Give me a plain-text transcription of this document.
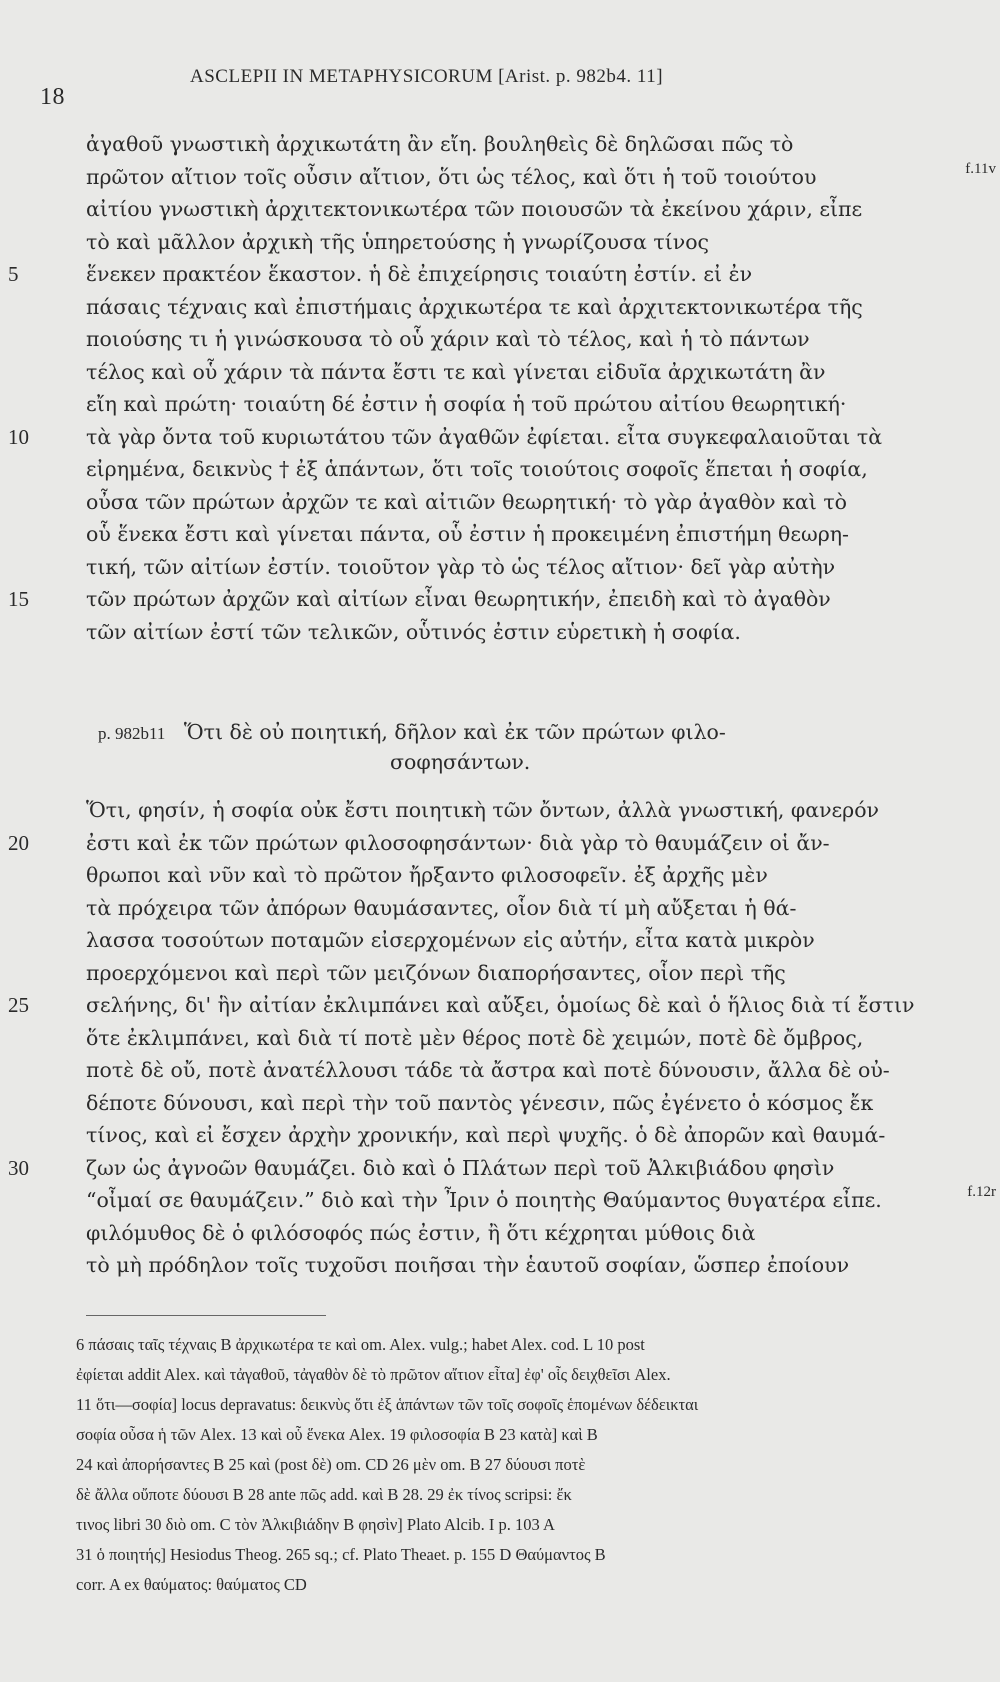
18
ASCLEPII IN METAPHYSICORUM [Arist. p. 982b4. 11]
ἀγαθοῦ γνωστικὴ ἀρχικωτάτη ἂν εἴη. βουληθεὶς δὲ δηλῶσαι πῶς τὸ
πρῶτον αἴτιον τοῖς οὖσιν αἴτιον, ὅτι ὡς τέλος, καὶ ὅτι ἡ τοῦ τοιούτου	f.11v
αἰτίου γνωστικὴ ἀρχιτεκτονικωτέρα τῶν ποιουσῶν τὰ ἐκείνου χάριν, εἶπε
τὸ καὶ μᾶλλον ἀρχικὴ τῆς ὑπηρετούσης ἡ γνωρίζουσα τίνος
5	ἕνεκεν πρακτέον ἕκαστον. ἡ δὲ ἐπιχείρησις τοιαύτη ἐστίν. εἰ ἐν
πάσαις τέχναις καὶ ἐπιστήμαις ἀρχικωτέρα τε καὶ ἀρχιτεκτονικωτέρα τῆς
ποιούσης τι ἡ γινώσκουσα τὸ οὗ χάριν καὶ τὸ τέλος, καὶ ἡ τὸ πάντων
τέλος καὶ οὗ χάριν τὰ πάντα ἔστι τε καὶ γίνεται εἰδυῖα ἀρχικωτάτη ἂν
εἴη καὶ πρώτη· τοιαύτη δέ ἐστιν ἡ σοφία ἡ τοῦ πρώτου αἰτίου θεωρητική·
10	τὰ γὰρ ὄντα τοῦ κυριωτάτου τῶν ἀγαθῶν ἐφίεται. εἶτα συγκεφαλαιοῦται τὰ
εἰρημένα, δεικνὺς † ἐξ ἁπάντων, ὅτι τοῖς τοιούτοις σοφοῖς ἕπεται ἡ σοφία,
οὖσα τῶν πρώτων ἀρχῶν τε καὶ αἰτιῶν θεωρητική· τὸ γὰρ ἀγαθὸν καὶ τὸ
οὗ ἕνεκα ἔστι καὶ γίνεται πάντα, οὗ ἐστιν ἡ προκειμένη ἐπιστήμη θεωρη-
τική, τῶν αἰτίων ἐστίν. τοιοῦτον γὰρ τὸ ὡς τέλος αἴτιον· δεῖ γὰρ αὐτὴν
15	τῶν πρώτων ἀρχῶν καὶ αἰτίων εἶναι θεωρητικήν, ἐπειδὴ καὶ τὸ ἀγαθὸν
τῶν αἰτίων ἐστί τῶν τελικῶν, οὗτινός ἐστιν εὑρετικὴ ἡ σοφία.
p. 982b11 Ὅτι δὲ οὐ ποιητική, δῆλον καὶ ἐκ τῶν πρώτων φιλο-
σοφησάντων.
Ὅτι, φησίν, ἡ σοφία οὐκ ἔστι ποιητικὴ τῶν ὄντων, ἀλλὰ γνωστική, φανερόν
20	ἐστι καὶ ἐκ τῶν πρώτων φιλοσοφησάντων· διὰ γὰρ τὸ θαυμάζειν οἱ ἄν-
θρωποι καὶ νῦν καὶ τὸ πρῶτον ἤρξαντο φιλοσοφεῖν. ἐξ ἀρχῆς μὲν
τὰ πρόχειρα τῶν ἀπόρων θαυμάσαντες, οἷον διὰ τί μὴ αὔξεται ἡ θά-
λασσα τοσούτων ποταμῶν εἰσερχομένων εἰς αὐτήν, εἶτα κατὰ μικρὸν
προερχόμενοι καὶ περὶ τῶν μειζόνων διαπορήσαντες, οἷον περὶ τῆς
25	σελήνης, δι' ἣν αἰτίαν ἐκλιμπάνει καὶ αὔξει, ὁμοίως δὲ καὶ ὁ ἥλιος διὰ τί ἔστιν
ὅτε ἐκλιμπάνει, καὶ διὰ τί ποτὲ μὲν θέρος ποτὲ δὲ χειμών, ποτὲ δὲ ὄμβρος,
ποτὲ δὲ οὔ, ποτὲ ἀνατέλλουσι τάδε τὰ ἄστρα καὶ ποτὲ δύνουσιν, ἄλλα δὲ οὐ-
δέποτε δύνουσι, καὶ περὶ τὴν τοῦ παντὸς γένεσιν, πῶς ἐγένετο ὁ κόσμος ἔκ
τίνος, καὶ εἰ ἔσχεν ἀρχὴν χρονικήν, καὶ περὶ ψυχῆς. ὁ δὲ ἀπορῶν καὶ θαυμά-
30	ζων ὡς ἀγνοῶν θαυμάζει. διὸ καὶ ὁ Πλάτων περὶ τοῦ Ἀλκιβιάδου φησὶν
“οἶμαί σε θαυμάζειν.” διὸ καὶ τὴν Ἶριν ὁ ποιητὴς Θαύμαντος θυγατέρα εἶπε.	f.12r
φιλόμυθος δὲ ὁ φιλόσοφός πώς ἐστιν, ἢ ὅτι κέχρηται μύθοις διὰ
τὸ μὴ πρόδηλον τοῖς τυχοῦσι ποιῆσαι τὴν ἑαυτοῦ σοφίαν, ὥσπερ ἐποίουν
6 πάσαις ταῖς τέχναις B ἀρχικωτέρα τε καὶ om. Alex. vulg.; habet Alex. cod. L 10 post
ἐφίεται addit Alex. καὶ τἀγαθοῦ, τἀγαθὸν δὲ τὸ πρῶτον αἴτιον εἶτα] ἐφ' οἷς δειχθεῖσι Alex.
11 ὅτι—σοφία] locus depravatus: δεικνὺς ὅτι ἐξ ἁπάντων τῶν τοῖς σοφοῖς ἑπομένων δέδεικται
σοφία οὖσα ἡ τῶν Alex. 13 καὶ οὗ ἕνεκα Alex. 19 φιλοσοφία B 23 κατὰ] καὶ B
24 καὶ ἀπορήσαντες B 25 καὶ (post δὲ) om. CD 26 μὲν om. B 27 δύουσι ποτὲ
δὲ ἄλλα οὔποτε δύουσι B 28 ante πῶς add. καὶ B 28. 29 ἐκ τίνος scripsi: ἔκ
τινος libri 30 διὸ om. C τὸν Ἀλκιβιάδην B φησὶν] Plato Alcib. I p. 103 A
31 ὁ ποιητής] Hesiodus Theog. 265 sq.; cf. Plato Theaet. p. 155 D Θαύμαντος B
corr. A ex θαύματος: θαύματος CD
